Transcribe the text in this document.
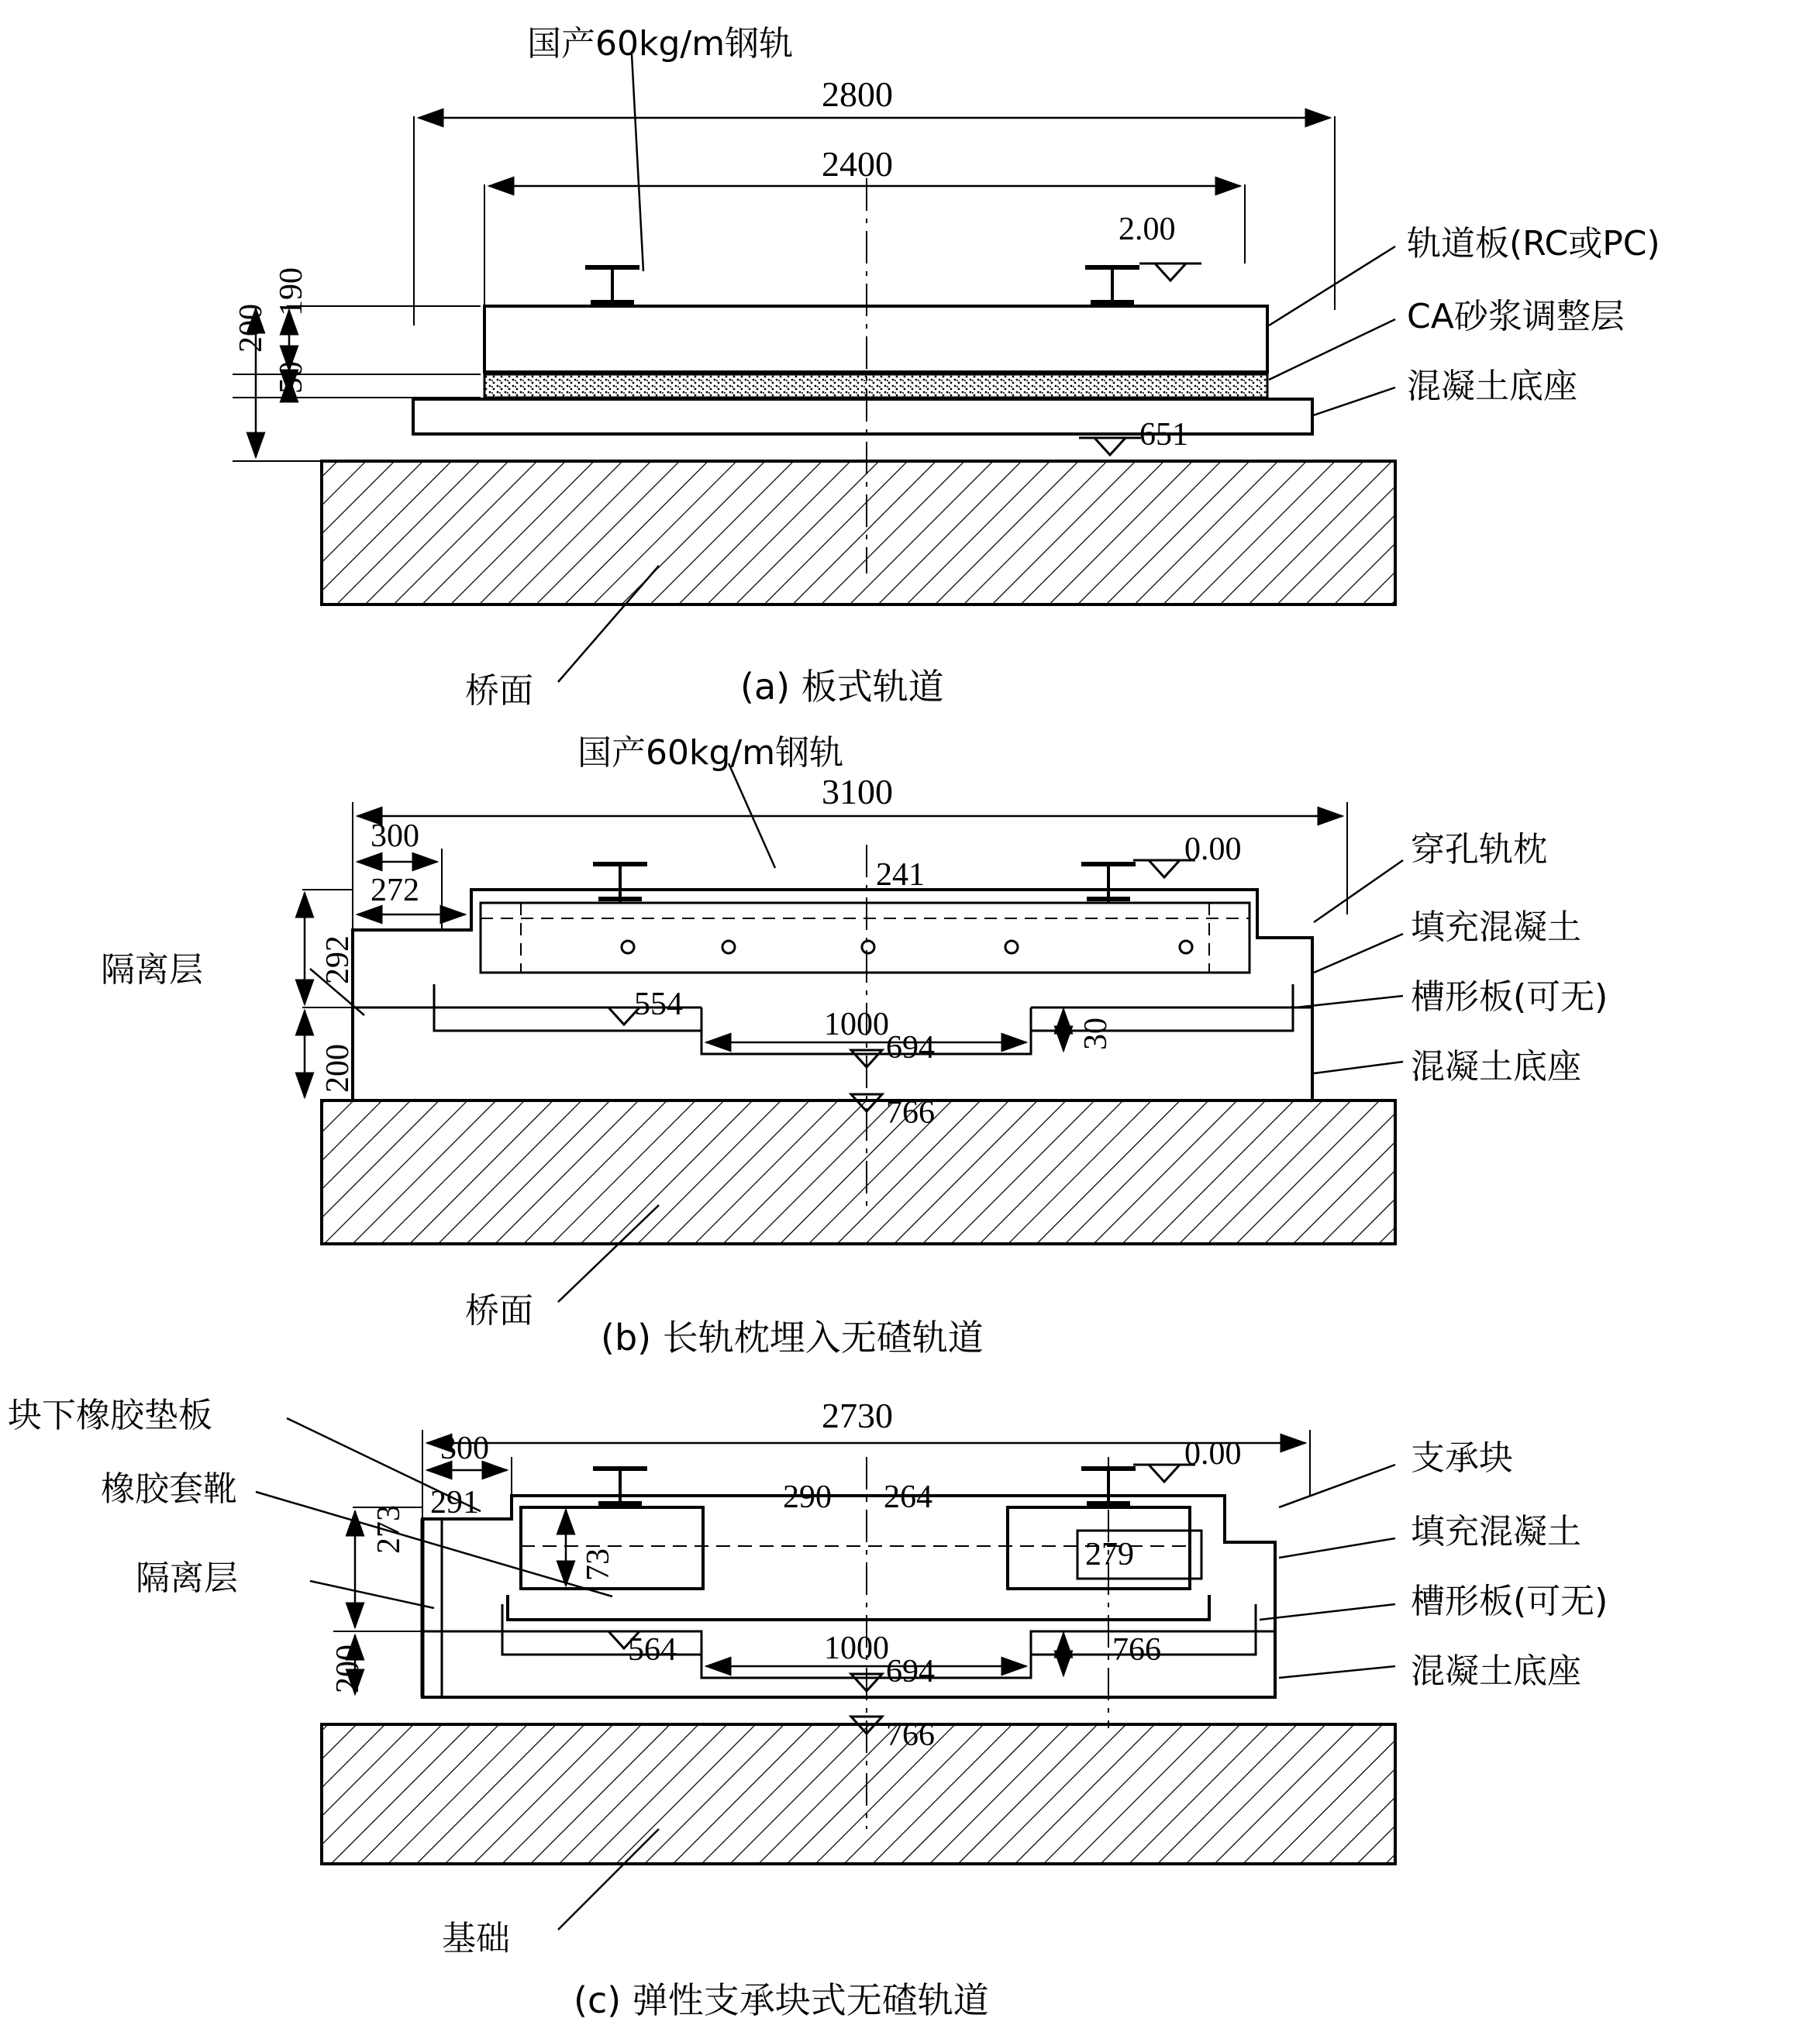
国产60kg/m钢轨
2800
2400
2.00
651
200
50
190
轨道板(RC或PC)
CA砂浆调整层
混凝土底座
桥面	(a) 板式轨道
国产60kg/m钢轨
3100
300
272
292
200
241
0.00
554
1000
694
766
30
隔离层
穿孔轨枕
填充混凝土
槽形板(可无)
混凝土底座
桥面
(b) 长轨枕埋入无碴轨道
2730
300
291
273
200
73
290 264
279
0.00
564	1000
694
766
766
块下橡胶垫板
橡胶套靴
隔离层
支承块
填充混凝土
槽形板(可无)
混凝土底座
基础
(c) 弹性支承块式无碴轨道
